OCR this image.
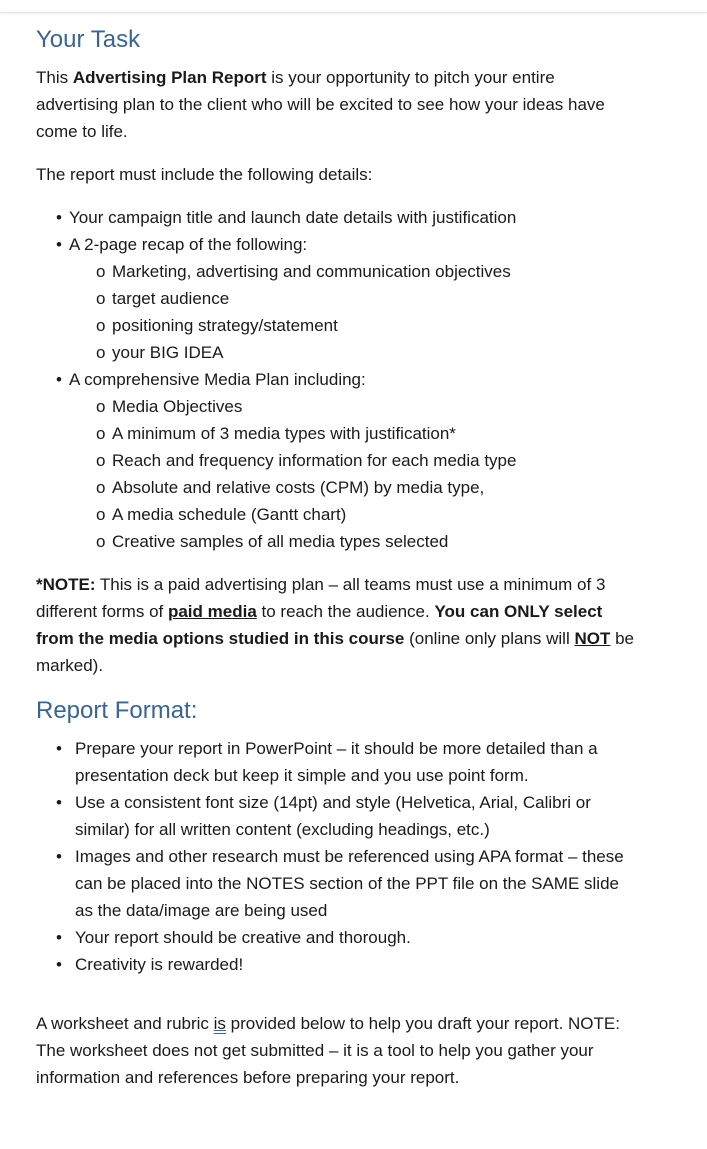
Your Task

This Advertising Plan Report is your opportunity to pitch your entire advertising plan to the client who will be excited to see how your ideas have come to life.

The report must include the following details:

• Your campaign title and launch date details with justification
• A 2-page recap of the following:
o Marketing, advertising and communication objectives
o target audience
o positioning strategy/statement
o your BIG IDEA
• A comprehensive Media Plan including:
o Media Objectives
o A minimum of 3 media types with justification*
o Reach and frequency information for each media type
o Absolute and relative costs (CPM) by media type,
o A media schedule (Gantt chart)
o Creative samples of all media types selected

*NOTE: This is a paid advertising plan – all teams must use a minimum of 3 different forms of paid media to reach the audience. You can ONLY select from the media options studied in this course (online only plans will NOT be marked).

Report Format:
• Prepare your report in PowerPoint – it should be more detailed than a presentation deck but keep it simple and you use point form.
• Use a consistent font size (14pt) and style (Helvetica, Arial, Calibri or similar) for all written content (excluding headings, etc.)
• Images and other research must be referenced using APA format – these can be placed into the NOTES section of the PPT file on the SAME slide as the data/image are being used
• Your report should be creative and thorough.
• Creativity is rewarded!

A worksheet and rubric is provided below to help you draft your report. NOTE: The worksheet does not get submitted – it is a tool to help you gather your information and references before preparing your report.
